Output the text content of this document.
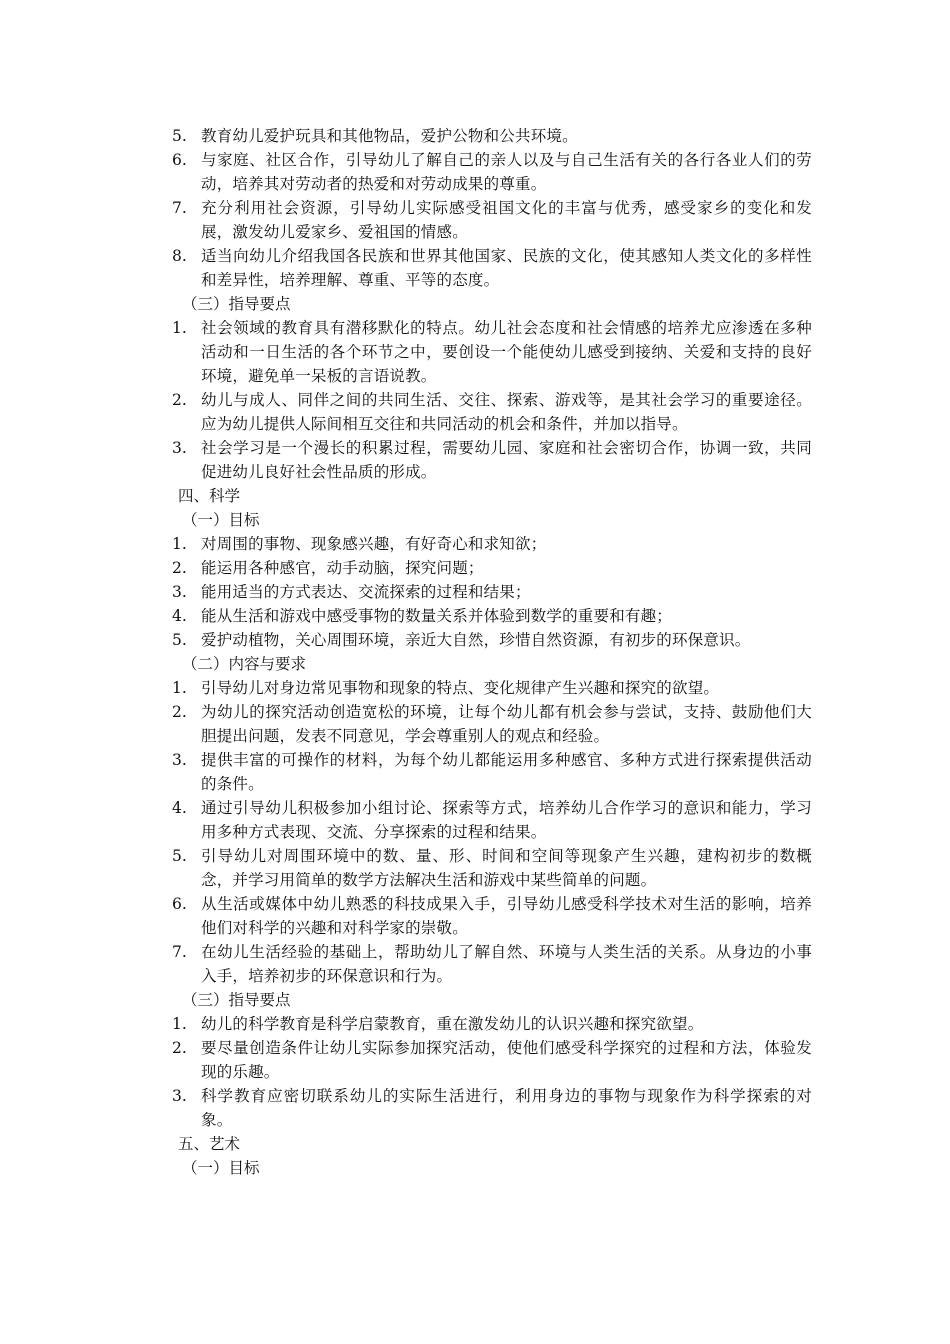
5. 教育幼儿爱护玩具和其他物品，爱护公物和公共环境。
6. 与家庭、社区合作，引导幼儿了解自己的亲人以及与自己生活有关的各行各业人们的劳动，培养其对劳动者的热爱和对劳动成果的尊重。
7. 充分利用社会资源，引导幼儿实际感受祖国文化的丰富与优秀，感受家乡的变化和发展，激发幼儿爱家乡、爱祖国的情感。
8. 适当向幼儿介绍我国各民族和世界其他国家、民族的文化，使其感知人类文化的多样性和差异性，培养理解、尊重、平等的态度。
（三）指导要点
1. 社会领域的教育具有潜移默化的特点。幼儿社会态度和社会情感的培养尤应渗透在多种活动和一日生活的各个环节之中，要创设一个能使幼儿感受到接纳、关爱和支持的良好环境，避免单一呆板的言语说教。
2. 幼儿与成人、同伴之间的共同生活、交往、探索、游戏等，是其社会学习的重要途径。应为幼儿提供人际间相互交往和共同活动的机会和条件，并加以指导。
3. 社会学习是一个漫长的积累过程，需要幼儿园、家庭和社会密切合作，协调一致，共同促进幼儿良好社会性品质的形成。
四、科学
（一）目标
1. 对周围的事物、现象感兴趣，有好奇心和求知欲；
2. 能运用各种感官，动手动脑，探究问题；
3. 能用适当的方式表达、交流探索的过程和结果；
4. 能从生活和游戏中感受事物的数量关系并体验到数学的重要和有趣；
5. 爱护动植物，关心周围环境，亲近大自然，珍惜自然资源，有初步的环保意识。
（二）内容与要求
1. 引导幼儿对身边常见事物和现象的特点、变化规律产生兴趣和探究的欲望。
2. 为幼儿的探究活动创造宽松的环境，让每个幼儿都有机会参与尝试，支持、鼓励他们大胆提出问题，发表不同意见，学会尊重别人的观点和经验。
3. 提供丰富的可操作的材料，为每个幼儿都能运用多种感官、多种方式进行探索提供活动的条件。
4. 通过引导幼儿积极参加小组讨论、探索等方式，培养幼儿合作学习的意识和能力，学习用多种方式表现、交流、分享探索的过程和结果。
5. 引导幼儿对周围环境中的数、量、形、时间和空间等现象产生兴趣，建构初步的数概念，并学习用简单的数学方法解决生活和游戏中某些简单的问题。
6. 从生活或媒体中幼儿熟悉的科技成果入手，引导幼儿感受科学技术对生活的影响，培养他们对科学的兴趣和对科学家的崇敬。
7. 在幼儿生活经验的基础上，帮助幼儿了解自然、环境与人类生活的关系。从身边的小事入手，培养初步的环保意识和行为。
（三）指导要点
1. 幼儿的科学教育是科学启蒙教育，重在激发幼儿的认识兴趣和探究欲望。
2. 要尽量创造条件让幼儿实际参加探究活动，使他们感受科学探究的过程和方法，体验发现的乐趣。
3. 科学教育应密切联系幼儿的实际生活进行，利用身边的事物与现象作为科学探索的对象。
五、艺术
（一）目标
